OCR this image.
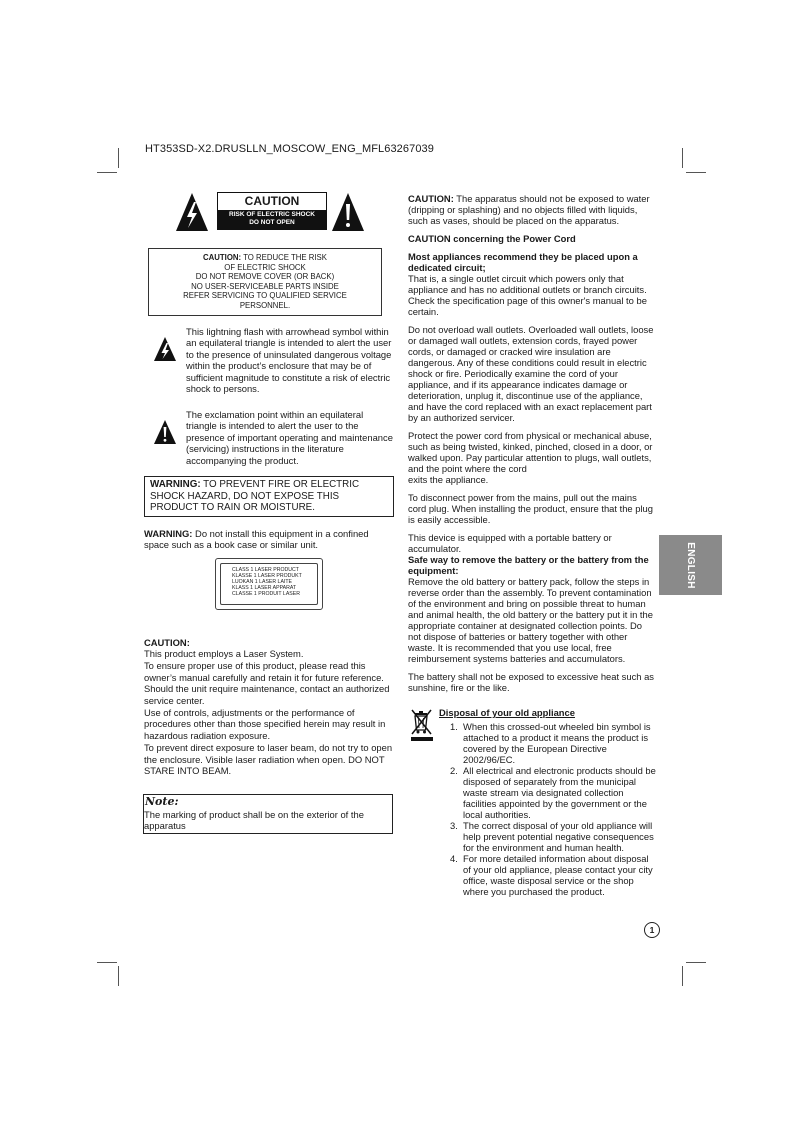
HT353SD-X2.DRUSLLN_MOSCOW_ENG_MFL63267039
CAUTION
RISK OF ELECTRIC SHOCK
DO NOT OPEN
CAUTION: TO REDUCE THE RISK
OF ELECTRIC SHOCK
DO NOT REMOVE COVER (OR BACK)
NO USER-SERVICEABLE PARTS INSIDE
REFER SERVICING TO QUALIFIED SERVICE
PERSONNEL.
This lightning flash with arrowhead symbol within an equilateral triangle is intended to alert the user to the presence of uninsulated dangerous voltage within the product’s enclosure that may be of sufficient magnitude to constitute a risk of electric shock to persons.
The exclamation point within an equilateral triangle is intended to alert the user to the presence of important operating and maintenance (servicing) instructions in the literature accompanying the product.
WARNING: TO PREVENT FIRE OR ELECTRIC SHOCK HAZARD, DO NOT EXPOSE THIS PRODUCT TO RAIN OR MOISTURE.
WARNING: Do not install this equipment in a confined space such as a book case or similar unit.
CLASS 1 LASER PRODUCT
KLASSE 1 LASER PRODUKT
LUOKAN 1 LASER LAITE
KLASS 1 LASER APPARAT
CLASSE 1 PRODUIT LASER

CAUTION:

This product employs a Laser System.

To ensure proper use of this product, please read this owner’s manual carefully and retain it for future reference. Should the unit require maintenance, contact an authorized service center.

Use of controls, adjustments or the performance of procedures other than those specified herein may result in hazardous radiation exposure.

To prevent direct exposure to laser beam, do not try to open the enclosure. Visible laser radiation when open. DO NOT STARE INTO BEAM.

Note:
The marking of product shall be on the exterior of the apparatus

CAUTION: The apparatus should not be exposed to water (dripping or splashing) and no objects filled with liquids, such as vases, should be placed on the apparatus.

CAUTION concerning the Power Cord

Most appliances recommend they be placed upon a dedicated circuit;
That is, a single outlet circuit which powers only that appliance and has no additional outlets or branch circuits. Check the specification page of this owner's manual to be certain.

Do not overload wall outlets. Overloaded wall outlets, loose or damaged wall outlets, extension cords, frayed power cords, or damaged or cracked wire insulation are dangerous. Any of these conditions could result in electric shock or fire. Periodically examine the cord of your appliance, and if its appearance indicates damage or deterioration, unplug it, discontinue use of the appliance, and have the cord replaced with an exact replacement part by an authorized servicer.

Protect the power cord from physical or mechanical abuse, such as being twisted, kinked, pinched, closed in a door, or walked upon. Pay particular attention to plugs, wall outlets, and the point where the cord
exits the appliance.

To disconnect power from the mains, pull out the mains cord plug. When installing the product, ensure that the plug is easily accessible.

This device is equipped with a portable battery or accumulator.
Safe way to remove the battery or the battery from the equipment:
Remove the old battery or battery pack, follow the steps in reverse order than the assembly. To prevent contamination of the environment and bring on possible threat to human and animal health, the old battery or the battery put it in the appropriate container at designated collection points. Do not dispose of batteries or battery together with other waste. It is recommended that you use local, free reimbursement systems batteries and accumulators.

The battery shall not be exposed to excessive heat such as sunshine, fire or the like.

Disposal of your old appliance
1. When this crossed-out wheeled bin symbol is attached to a product it means the product is covered by the European Directive 2002/96/EC.
2. All electrical and electronic products should be disposed of separately from the municipal waste stream via designated collection facilities appointed by the government or the local authorities.
3. The correct disposal of your old appliance will help prevent potential negative consequences for the environment and human health.
4. For more detailed information about disposal of your old appliance, please contact your city office, waste disposal service or the shop where you purchased the product.
ENGLISH
1
